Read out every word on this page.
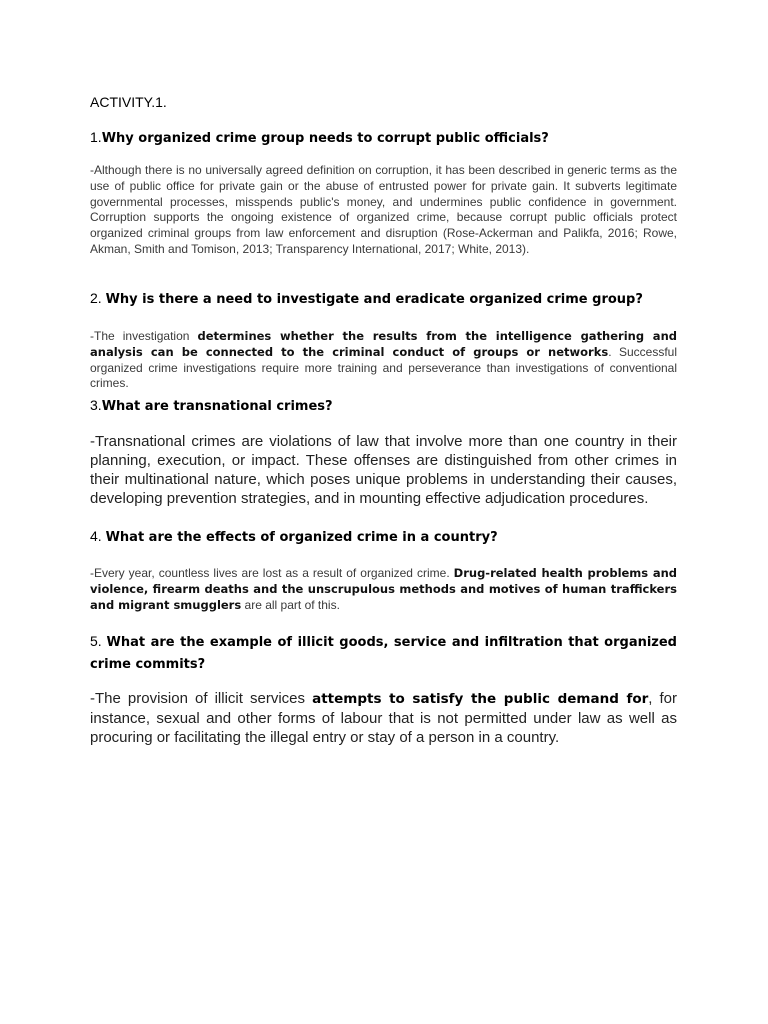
ACTIVITY.1.
1.Why organized crime group needs to corrupt public officials?
-Although there is no universally agreed definition on corruption, it has been described in generic terms as the use of public office for private gain or the abuse of entrusted power for private gain. It subverts legitimate governmental processes, misspends public's money, and undermines public confidence in government. Corruption supports the ongoing existence of organized crime, because corrupt public officials protect organized criminal groups from law enforcement and disruption (Rose-Ackerman and Palikfa, 2016; Rowe, Akman, Smith and Tomison, 2013; Transparency International, 2017; White, 2013).
2. Why is there a need to investigate and eradicate organized crime group?
-The investigation determines whether the results from the intelligence gathering and analysis can be connected to the criminal conduct of groups or networks. Successful organized crime investigations require more training and perseverance than investigations of conventional crimes.
3.What are transnational crimes?
-Transnational crimes are violations of law that involve more than one country in their planning, execution, or impact. These offenses are distinguished from other crimes in their multinational nature, which poses unique problems in understanding their causes, developing prevention strategies, and in mounting effective adjudication procedures.
4. What are the effects of organized crime in a country?
-Every year, countless lives are lost as a result of organized crime. Drug-related health problems and violence, firearm deaths and the unscrupulous methods and motives of human traffickers and migrant smugglers are all part of this.
5. What are the example of illicit goods, service and infiltration that organized crime commits?
-The provision of illicit services attempts to satisfy the public demand for, for instance, sexual and other forms of labour that is not permitted under law as well as procuring or facilitating the illegal entry or stay of a person in a country.
